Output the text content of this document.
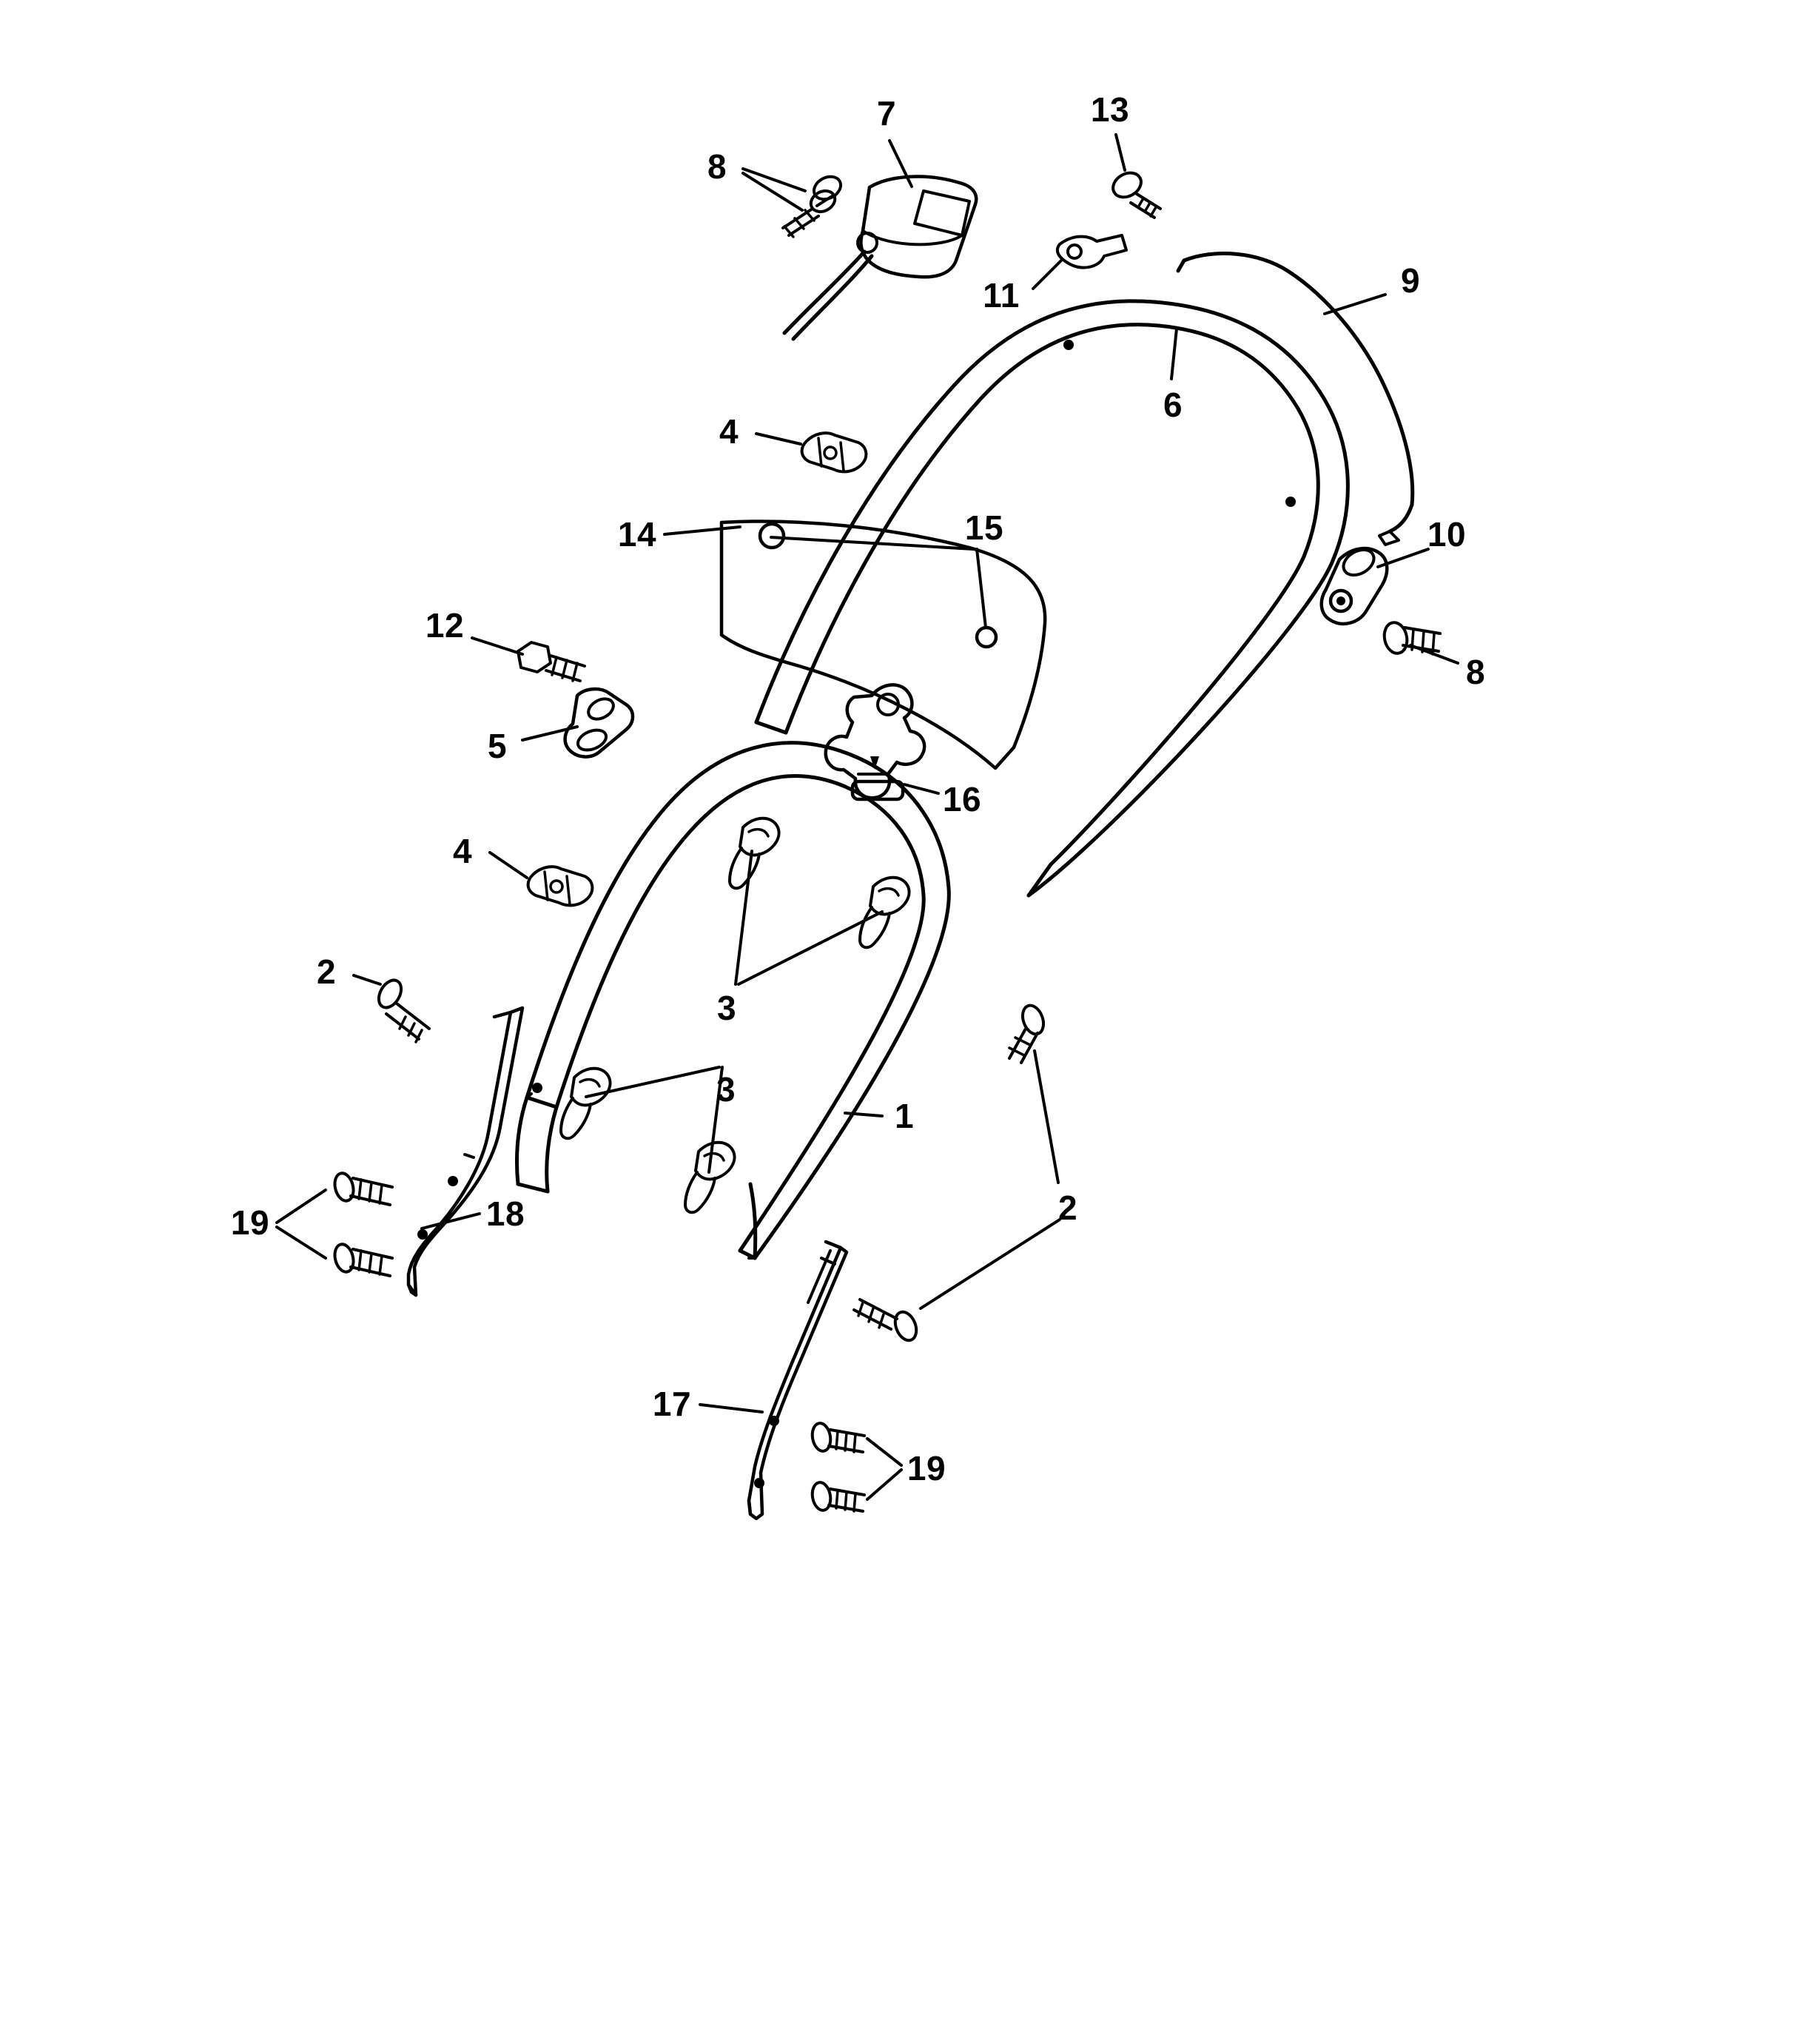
1
2
2
3
3
4
4
5
6
7
8
8
9
10
11
12
13
14	15
16
17
18
19
19
